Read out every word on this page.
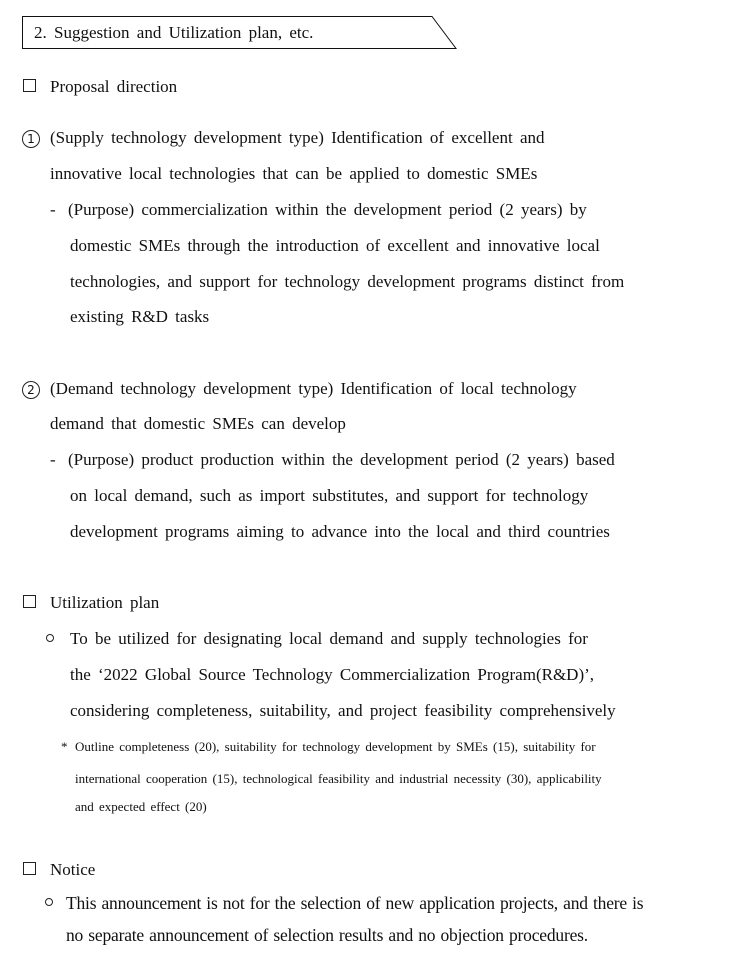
2. Suggestion and Utilization plan, etc.
Proposal direction
1 (Supply technology development type) Identification of excellent and
innovative local technologies that can be applied to domestic SMEs
- (Purpose) commercialization within the development period (2 years) by
domestic SMEs through the introduction of excellent and innovative local
technologies, and support for technology development programs distinct from
existing R&D tasks
2 (Demand technology development type) Identification of local technology
demand that domestic SMEs can develop
- (Purpose) product production within the development period (2 years) based
on local demand, such as import substitutes, and support for technology
development programs aiming to advance into the local and third countries
Utilization plan
To be utilized for designating local demand and supply technologies for
the ‘2022 Global Source Technology Commercialization Program(R&D)’,
considering completeness, suitability, and project feasibility comprehensively
* Outline completeness (20), suitability for technology development by SMEs (15), suitability for
international cooperation (15), technological feasibility and industrial necessity (30), applicability
and expected effect (20)
Notice
This announcement is not for the selection of new application projects, and there is
no separate announcement of selection results and no objection procedures.
